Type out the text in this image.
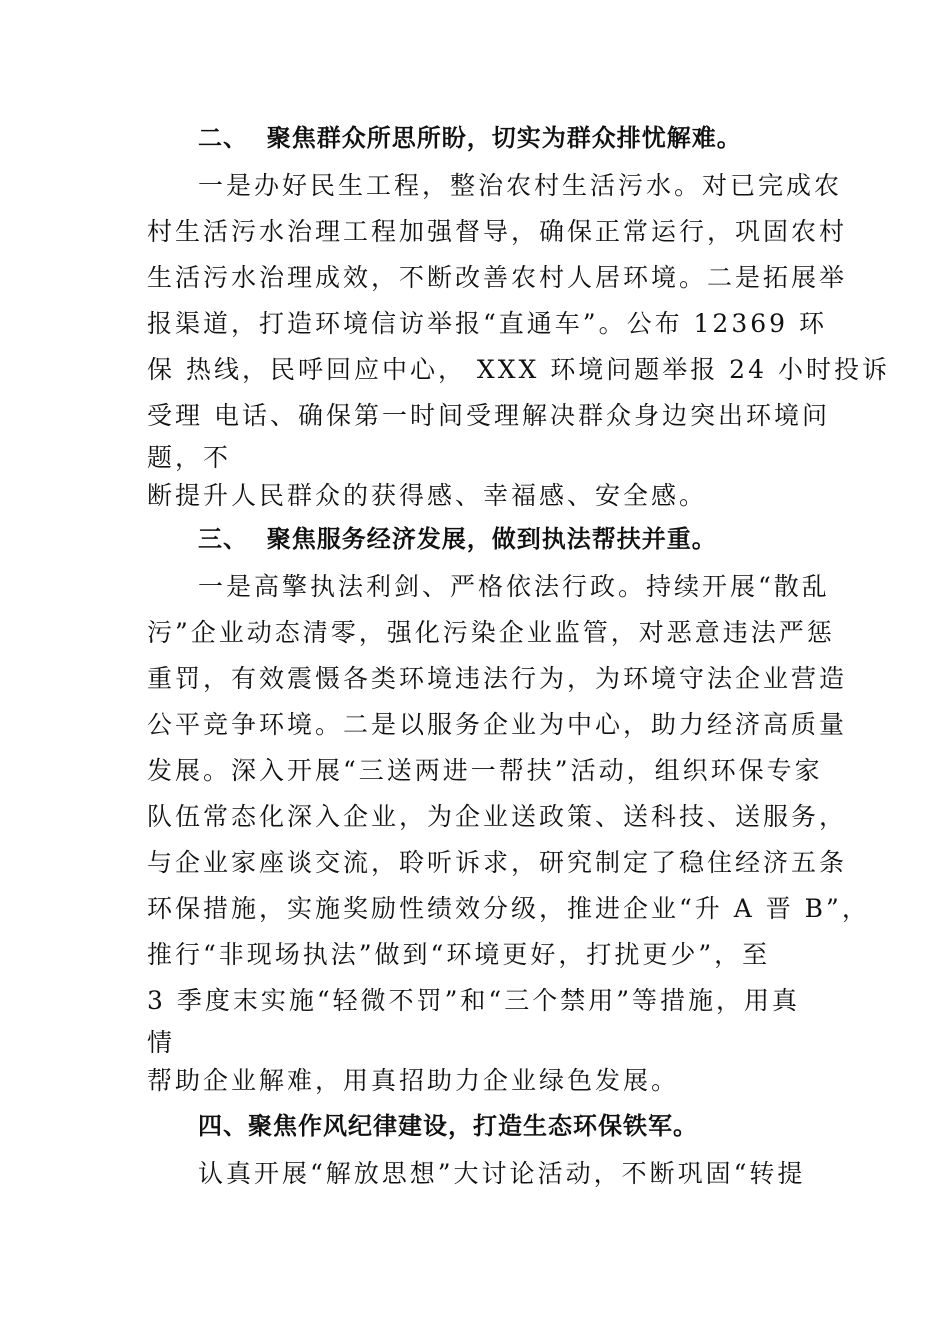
二、  聚焦群众所思所盼，切实为群众排忧解难。
一是办好民生工程，整治农村生活污水。对已完成农
村生活污水治理工程加强督导，确保正常运行，巩固农村
生活污水治理成效，不断改善农村人居环境。二是拓展举
报渠道，打造环境信访举报“直通车”。公布 12369 环
保 热线，民呼回应中心， XXX 环境问题举报 24 小时投诉
受理 电话、确保第一时间受理解决群众身边突出环境问
题，不
断提升人民群众的获得感、幸福感、安全感。
三、  聚焦服务经济发展，做到执法帮扶并重。
一是高擎执法利剑、严格依法行政。持续开展“散乱
污”企业动态清零，强化污染企业监管，对恶意违法严惩
重罚，有效震慑各类环境违法行为，为环境守法企业营造
公平竞争环境。二是以服务企业为中心，助力经济高质量
发展。深入开展“三送两进一帮扶”活动，组织环保专家
队伍常态化深入企业，为企业送政策、送科技、送服务，
与企业家座谈交流，聆听诉求，研究制定了稳住经济五条
环保措施，实施奖励性绩效分级，推进企业“升 A 晋 B”，
推行“非现场执法”做到“环境更好，打扰更少”，至
3 季度末实施“轻微不罚”和“三个禁用”等措施，用真
情
帮助企业解难，用真招助力企业绿色发展。
四、聚焦作风纪律建设，打造生态环保铁军。
认真开展“解放思想”大讨论活动，不断巩固“转提
